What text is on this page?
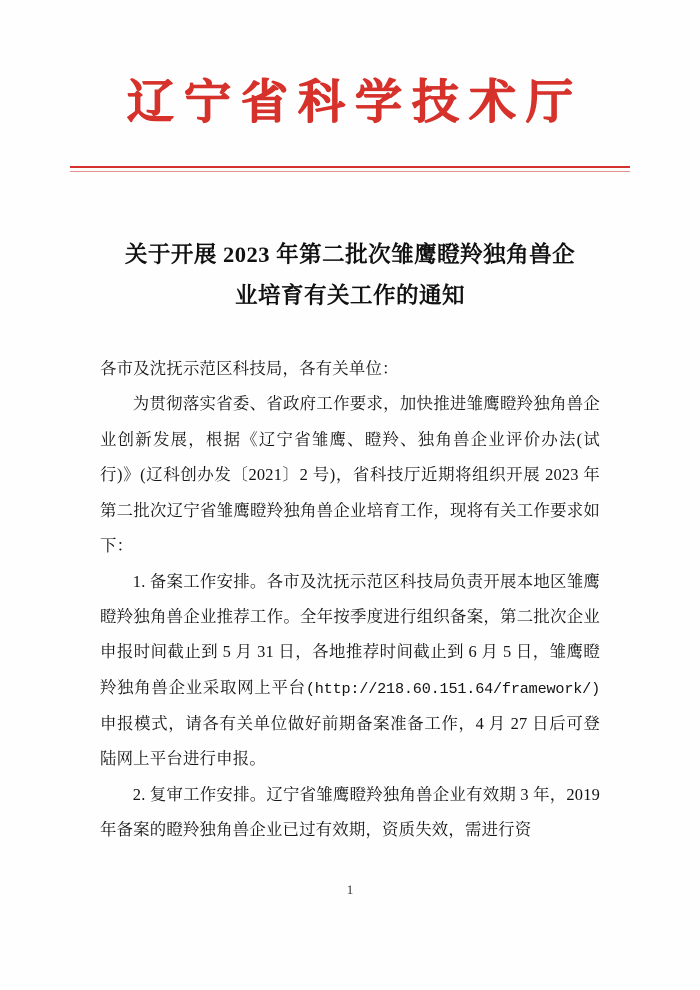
辽宁省科学技术厅
关于开展 2023 年第二批次雏鹰瞪羚独角兽企
业培育有关工作的通知

各市及沈抚示范区科技局，各有关单位：

为贯彻落实省委、省政府工作要求，加快推进雏鹰瞪羚独角兽企业创新发展，根据《辽宁省雏鹰、瞪羚、独角兽企业评价办法(试行)》(辽科创办发〔2021〕2 号)，省科技厅近期将组织开展 2023 年第二批次辽宁省雏鹰瞪羚独角兽企业培育工作，现将有关工作要求如下：

1. 备案工作安排。各市及沈抚示范区科技局负责开展本地区雏鹰瞪羚独角兽企业推荐工作。全年按季度进行组织备案，第二批次企业申报时间截止到 5 月 31 日，各地推荐时间截止到 6 月 5 日，雏鹰瞪羚独角兽企业采取网上平台(http://218.60.151.64/framework/)申报模式，请各有关单位做好前期备案准备工作，4 月 27 日后可登陆网上平台进行申报。

2. 复审工作安排。辽宁省雏鹰瞪羚独角兽企业有效期 3 年，2019 年备案的瞪羚独角兽企业已过有效期，资质失效，需进行资

1
